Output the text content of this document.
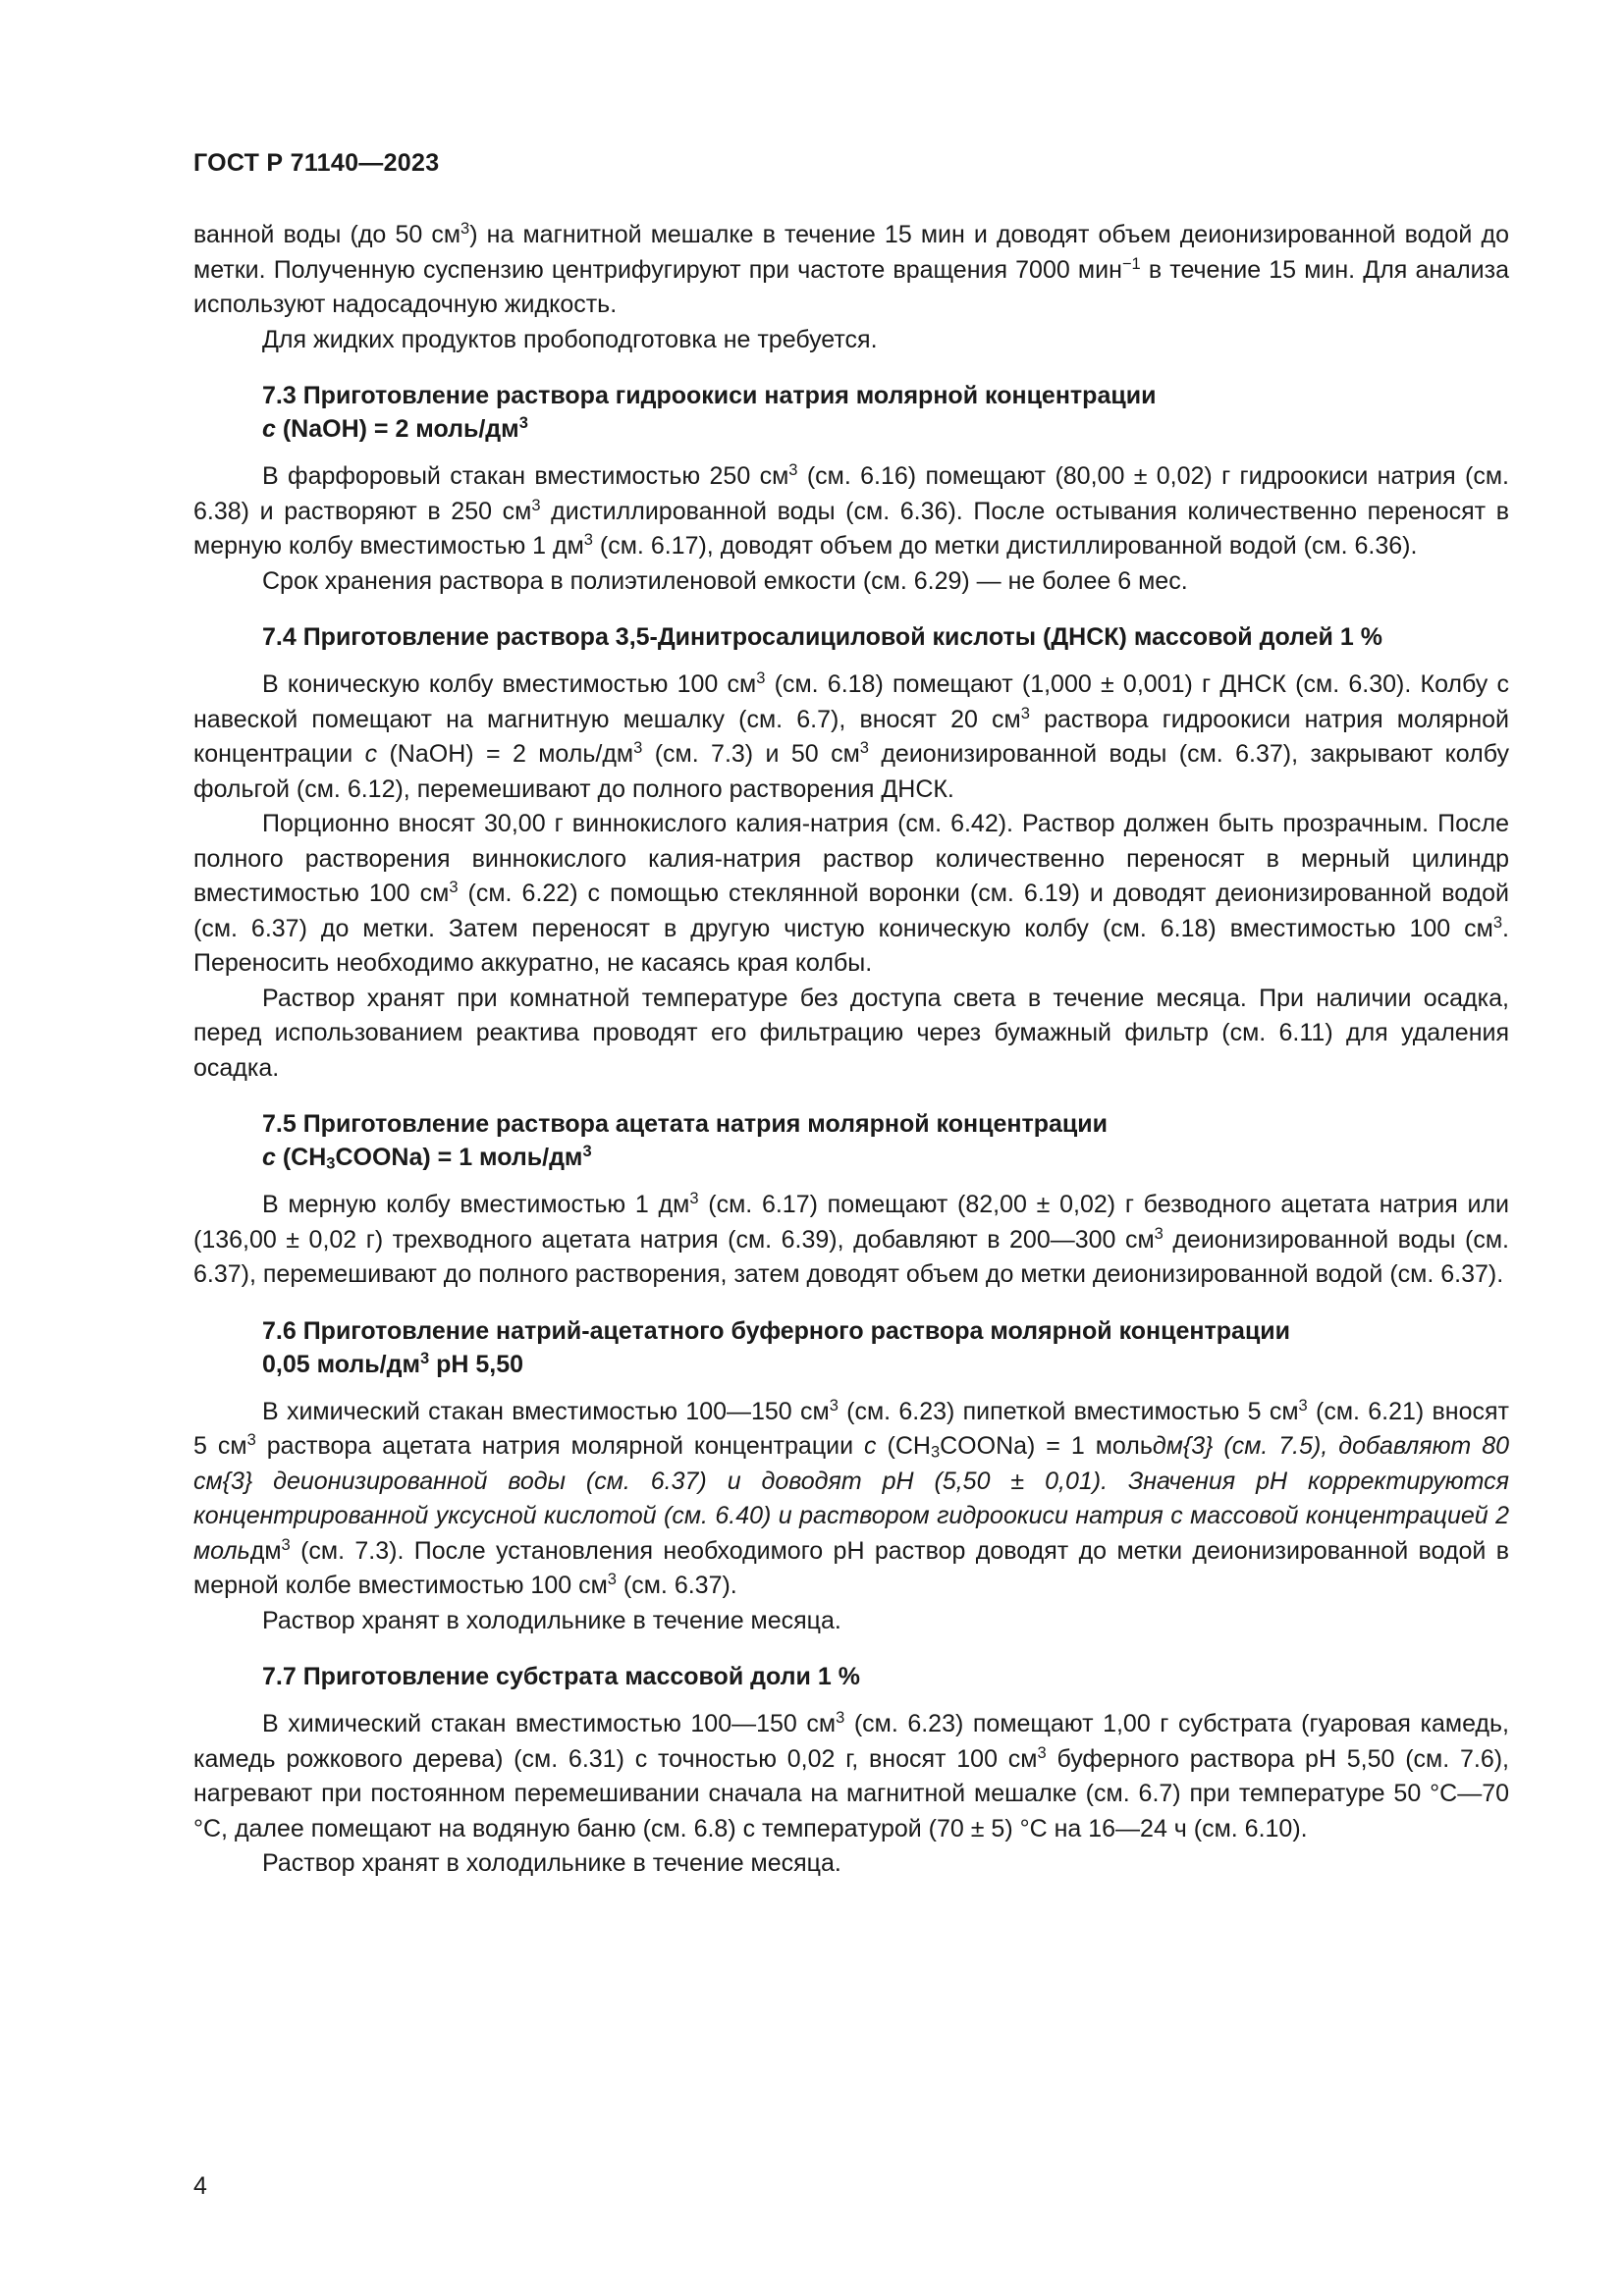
ГОСТ Р 71140—2023

ванной воды (до 50 $см^3$) на магнитной мешалке в течение 15 мин и доводят объем деионизированной водой до метки. Полученную суспензию центрифугируют при частоте вращения 7000 мин$^{-1}$ в течение 15 мин. Для анализа используют надосадочную жидкость.

Для жидких продуктов пробоподготовка не требуется.

7.3 Приготовление раствора гидроокиси натрия молярной концентрации
c (NaOH) = 2 моль/$дм^3$

В фарфоровый стакан вместимостью 250 $см^3$ (см. 6.16) помещают (80,00 ± 0,02) г гидроокиси натрия (см. 6.38) и растворяют в 250 $см^3$ дистиллированной воды (см. 6.36). После остывания количественно переносят в мерную колбу вместимостью 1 $дм^3$ (см. 6.17), доводят объем до метки дистиллированной водой (см. 6.36).

Срок хранения раствора в полиэтиленовой емкости (см. 6.29) — не более 6 мес.

7.4 Приготовление раствора 3,5-Динитросалициловой кислоты (ДНСК) массовой долей 1 %

В коническую колбу вместимостью 100 $см^3$ (см. 6.18) помещают (1,000 ± 0,001) г ДНСК (см. 6.30). Колбу с навеской помещают на магнитную мешалку (см. 6.7), вносят 20 $см^3$ раствора гидроокиси натрия молярной концентрации c (NaOH) = 2 моль/$дм^3$ (см. 7.3) и 50 $см^3$ деионизированной воды (см. 6.37), закрывают колбу фольгой (см. 6.12), перемешивают до полного растворения ДНСК.

Порционно вносят 30,00 г виннокислого калия-натрия (см. 6.42). Раствор должен быть прозрачным. После полного растворения виннокислого калия-натрия раствор количественно переносят в мерный цилиндр вместимостью 100 $см^3$ (см. 6.22) с помощью стеклянной воронки (см. 6.19) и доводят деионизированной водой (см. 6.37) до метки. Затем переносят в другую чистую коническую колбу (см. 6.18) вместимостью 100 $см^3$. Переносить необходимо аккуратно, не касаясь края колбы.

Раствор хранят при комнатной температуре без доступа света в течение месяца. При наличии осадка, перед использованием реактива проводят его фильтрацию через бумажный фильтр (см. 6.11) для удаления осадка.

7.5 Приготовление раствора ацетата натрия молярной концентрации
c $(CH_3COONa) = 1$ моль/$дм^3$

В мерную колбу вместимостью 1 $дм^3$ (см. 6.17) помещают (82,00 ± 0,02) г безводного ацетата натрия или (136,00 ± 0,02 г) трехводного ацетата натрия (см. 6.39), добавляют в 200—300 $см^3$ деионизированной воды (см. 6.37), перемешивают до полного растворения, затем доводят объем до метки деионизированной водой (см. 6.37).

7.6 Приготовление натрий-ацетатного буферного раствора молярной концентрации
0,05 моль/$дм^3$ pH 5,50

В химический стакан вместимостью 100—150 $см^3$ (см. 6.23) пипеткой вместимостью 5 $см^3$ (см. 6.21) вносят 5 $см^3$ раствора ацетата натрия молярной концентрации c $(CH_3COONa) = 1$ мольдм{3} (см. 7.5), добавляют 80 см{3} деионизированной воды (см. 6.37) и доводят pH (5,50 ± 0,01). Значения pH корректируются концентрированной уксусной кислотой (см. 6.40) и раствором гидроокиси натрия с массовой концентрацией 2 мольдм$^3$ (см. 7.3). После установления необходимого pH раствор доводят до метки деионизированной водой в мерной колбе вместимостью 100 $см^3$ (см. 6.37).

Раствор хранят в холодильнике в течение месяца.

7.7 Приготовление субстрата массовой доли 1 %

В химический стакан вместимостью 100—150 $см^3$ (см. 6.23) помещают 1,00 г субстрата (гуаровая камедь, камедь рожкового дерева) (см. 6.31) с точностью 0,02 г, вносят 100 $см^3$ буферного раствора pH 5,50 (см. 7.6), нагревают при постоянном перемешивании сначала на магнитной мешалке (см. 6.7) при температуре 50 °С—70 °С, далее помещают на водяную баню (см. 6.8) с температурой (70 ± 5) °С на 16—24 ч (см. 6.10).

Раствор хранят в холодильнике в течение месяца.

4
